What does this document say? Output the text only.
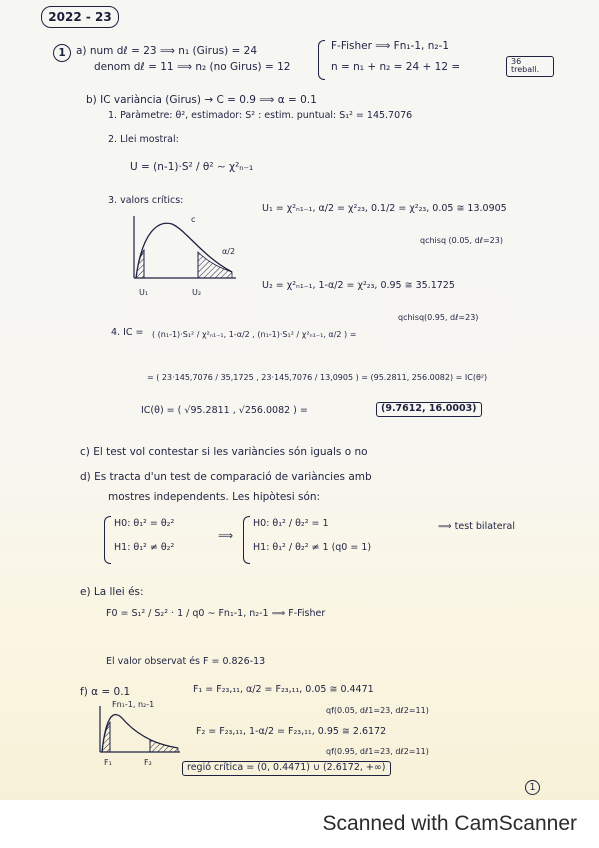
2022 - 23
1 a) num dℓ = 23 ⟹ n₁ (Girus) = 24
denom dℓ = 11 ⟹ n₂ (no Girus) = 12
F-Fisher ⟹ Fn₁-1, n₂-1
n = n₁ + n₂ = 24 + 12 =	36 treball.
b) IC variància (Girus) → C = 0.9 ⟹ α = 0.1
1. Paràmetre: θ², estimador: S² : estim. puntual: S₁² = 145.7076
2. Llei mostral:
U = (n-1)·S² / θ² ∼ χ²ₙ₋₁
3. valors crítics:
c
α/2
U₁	U₂
U₁ = χ²ₙ₁₋₁, α/2 = χ²₂₃, 0.1/2 = χ²₂₃, 0.05 ≅ 13.0905
qchisq (0.05, dℓ=23)
U₂ = χ²ₙ₁₋₁, 1-α/2 = χ²₂₃, 0.95 ≅ 35.1725
qchisq(0.95, dℓ=23)
4. IC = ( (n₁-1)·S₁² / χ²ₙ₁₋₁, 1-α/2 , (n₁-1)·S₁² / χ²ₙ₁₋₁, α/2 ) =
= ( 23·145,7076 / 35,1725 , 23·145,7076 / 13,0905 ) = (95.2811, 256.0082) = IC(θ²)
IC(θ) = ( √95.2811 , √256.0082 ) =	(9.7612, 16.0003)
c) El test vol contestar si les variàncies són iguals o no
d) Es tracta d'un test de comparació de variàncies amb
mostres independents. Les hipòtesi són:
H0: θ₁² = θ₂²
H1: θ₁² ≠ θ₂²
⟹
H0: θ₁² / θ₂² = 1
H1: θ₁² / θ₂² ≠ 1 (q0 = 1)
⟹ test bilateral
e) La llei és:
F0 = S₁² / S₂² · 1 / q0 ∼ Fn₁-1, n₂-1 ⟹ F-Fisher
El valor observat és F = 0.826-13
f) α = 0.1
Fn₁-1, n₂-1
F₁	F₂
F₁ = F₂₃,₁₁, α/2 = F₂₃,₁₁, 0.05 ≅ 0.4471
qf(0.05, dℓ1=23, dℓ2=11)
F₂ = F₂₃,₁₁, 1-α/2 = F₂₃,₁₁, 0.95 ≅ 2.6172
qf(0.95, dℓ1=23, dℓ2=11)
regió crítica = (0, 0.4471) ∪ (2.6172, +∞)
1
Scanned with CamScanner
